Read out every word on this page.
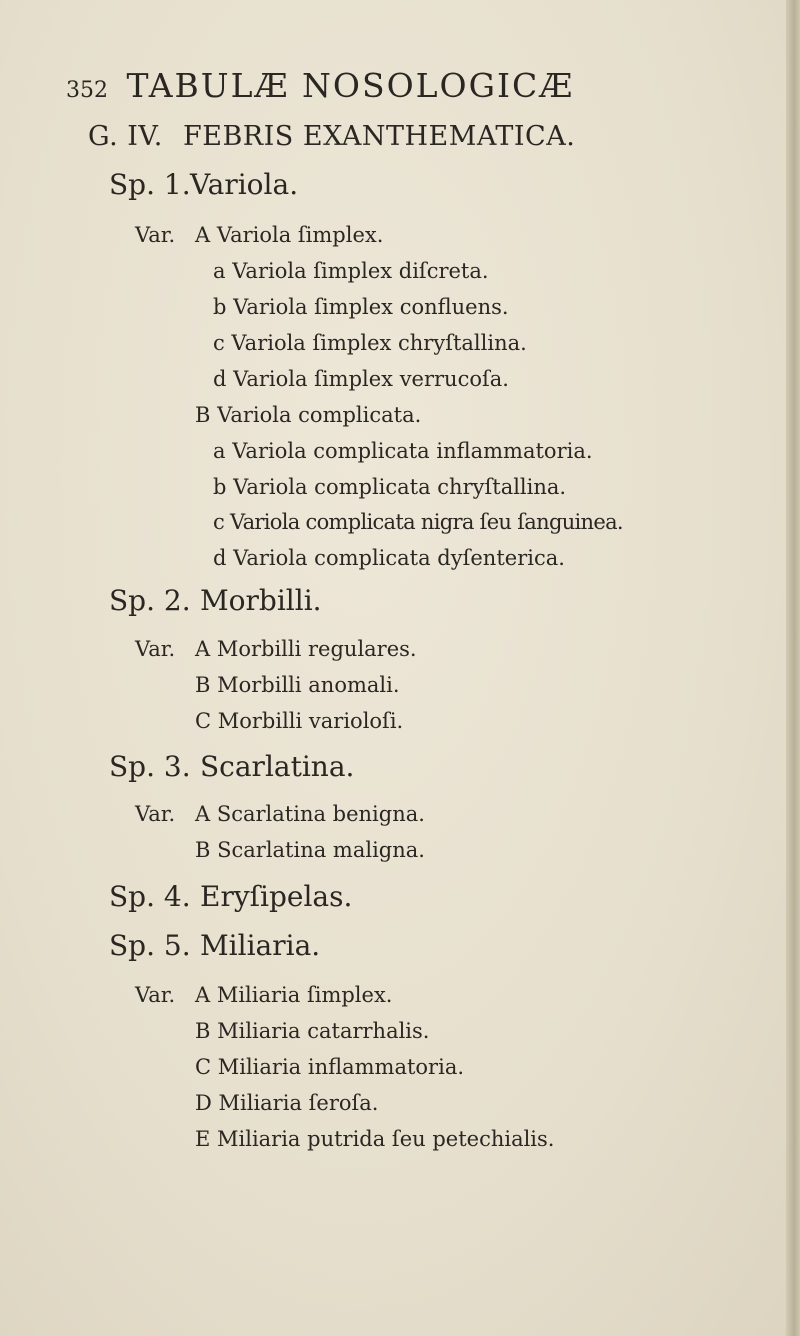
352 TABULÆ NOSOLOGICÆ
G. IV. FEBRIS EXANTHEMATICA.
Sp. 1.Variola.
Var. A Variola ſimplex.
a Variola ſimplex diſcreta.
b Variola ſimplex confluens.
c Variola ſimplex chryſtallina.
d Variola ſimplex verrucoſa.
B Variola complicata.
a Variola complicata inflammatoria.
b Variola complicata chryſtallina.
c Variola complicata nigra ſeu ſanguinea.
d Variola complicata dyſenterica.
Sp. 2. Morbilli.
Var. A Morbilli regulares.
B Morbilli anomali.
C Morbilli varioloſi.
Sp. 3. Scarlatina.
Var. A Scarlatina benigna.
B Scarlatina maligna.
Sp. 4. Eryſipelas.
Sp. 5. Miliaria.
Var. A Miliaria ſimplex.
B Miliaria catarrhalis.
C Miliaria inflammatoria.
D Miliaria ſeroſa.
E Miliaria putrida ſeu petechialis.
